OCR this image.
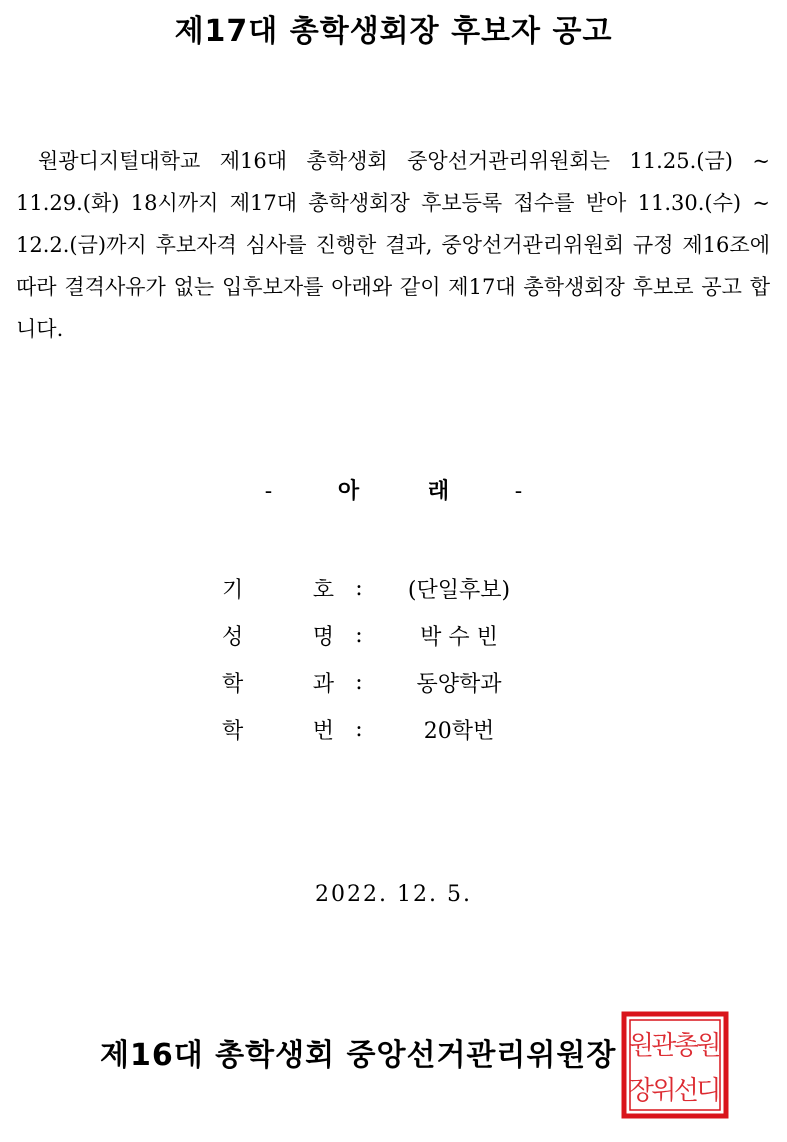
제17대 총학생회장 후보자 공고
원광디지털대학교 제16대 총학생회 중앙선거관리위원회는 11.25.(금) ~ 11.29.(화) 18시까지 제17대 총학생회장 후보등록 접수를 받아 11.30.(수) ~ 12.2.(금)까지 후보자격 심사를 진행한 결과, 중앙선거관리위원회 규정 제16조에 따라 결격사유가 없는 입후보자를 아래와 같이 제17대 총학생회장 후보로 공고 합니다.
-	아	래	-
기	호 :	(단일후보)
성	명 :	박 수 빈
학	과 :	동양학과
학	번 :	20학번
2022. 12. 5.
제16대 총학생회 중앙선거관리위원장	원
디
총
선
관
위
원
장
